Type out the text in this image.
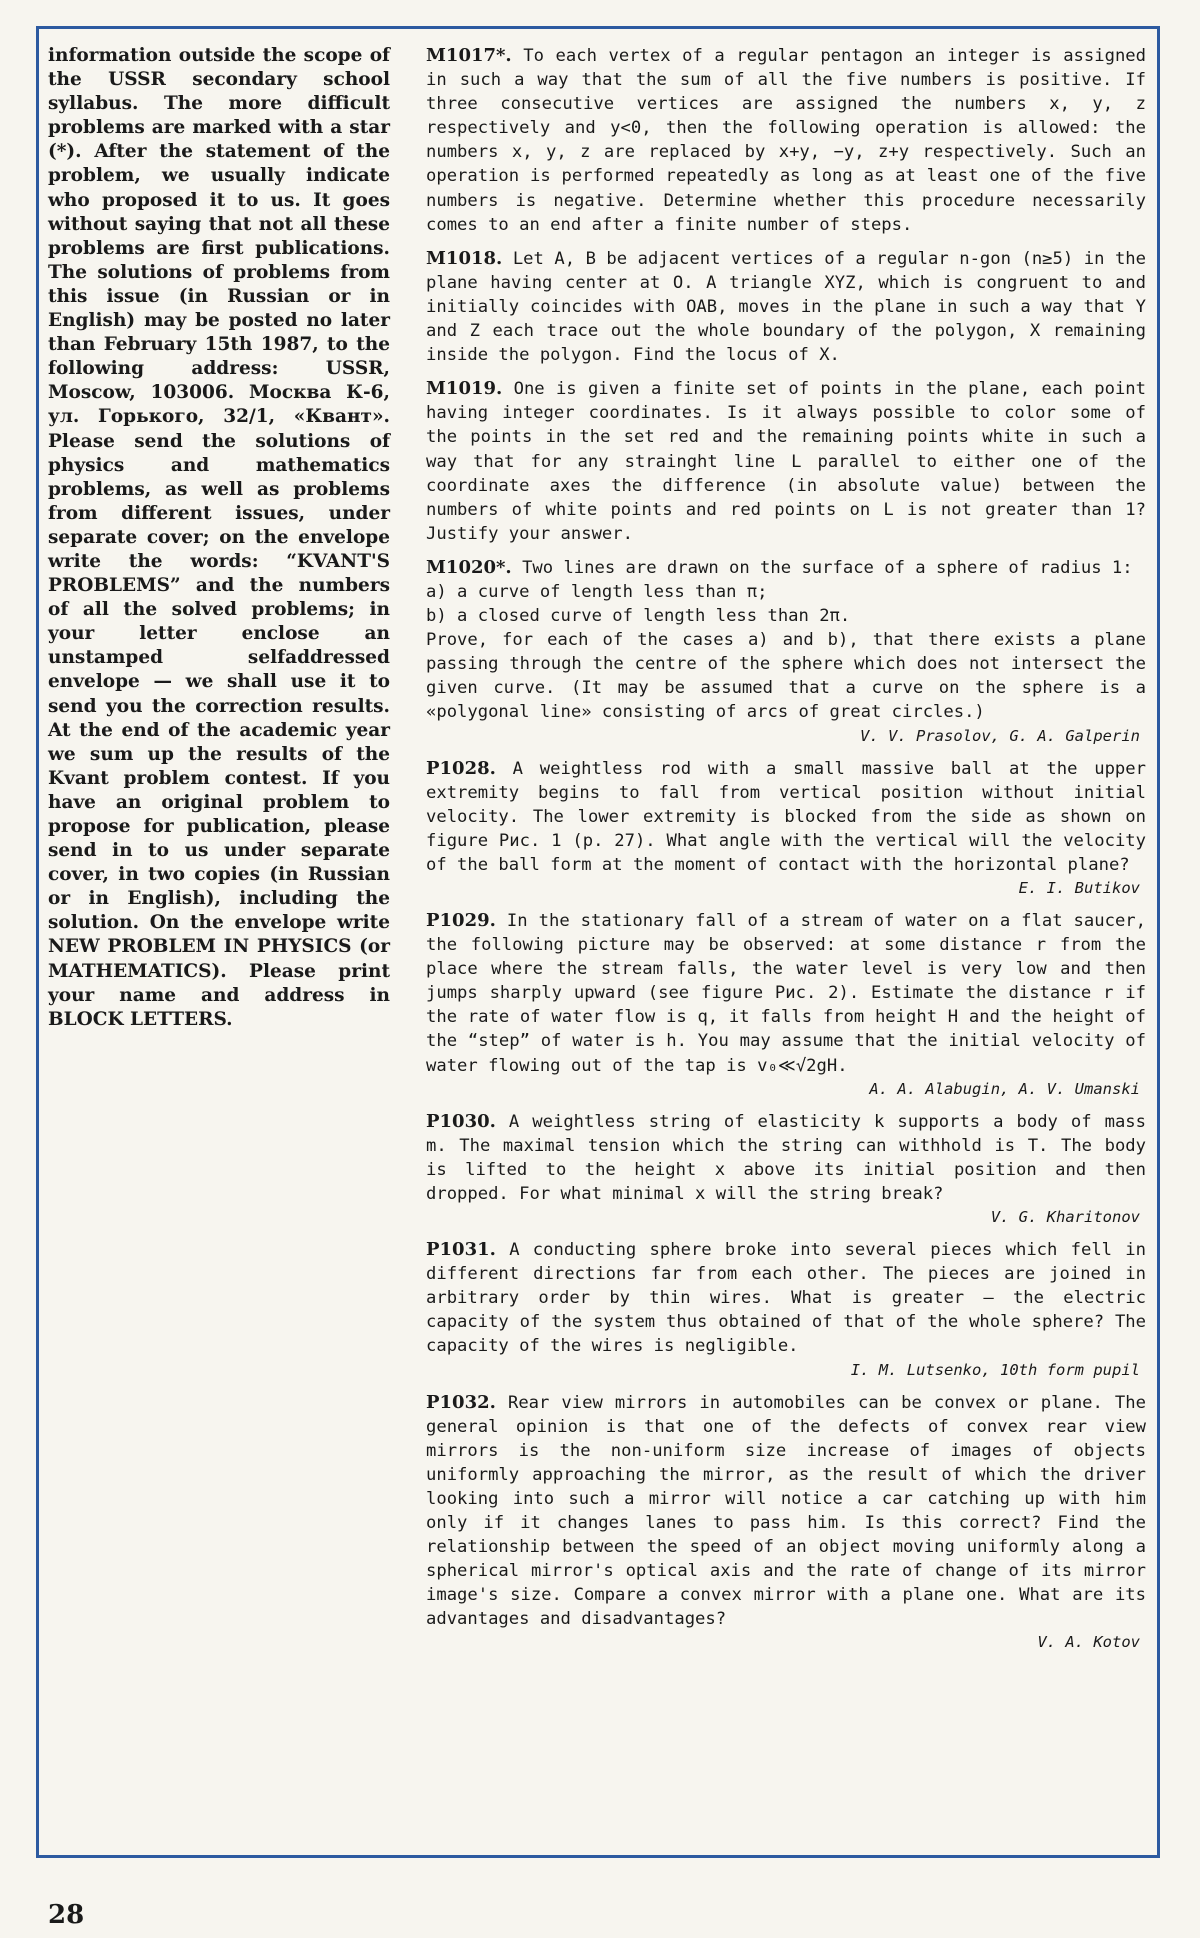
information outside the scope of the USSR secondary school syllabus. The more difficult problems are marked with a star (*). After the statement of the problem, we usually indicate who proposed it to us. It goes without saying that not all these problems are first publications. The solutions of problems from this issue (in Russian or in English) may be posted no later than February 15th 1987, to the following address: USSR, Moscow, 103006. Москва К-6, ул. Горького, 32/1, «Квант». Please send the solutions of physics and mathematics problems, as well as problems from different issues, under separate cover; on the envelope write the words: “KVANT'S PROBLEMS” and the numbers of all the solved problems; in your letter enclose an unstamped selfaddressed envelope — we shall use it to send you the correction results. At the end of the academic year we sum up the results of the Kvant problem contest. If you have an original problem to propose for publication, please send in to us under separate cover, in two copies (in Russian or in English), including the solution. On the envelope write NEW PROBLEM IN PHYSICS (or MATHEMATICS). Please print your name and address in BLOCK LETTERS.
M1017*. To each vertex of a regular pentagon an integer is assigned in such a way that the sum of all the five numbers is positive. If three consecutive vertices are assigned the numbers x, y, z respectively and y<0, then the following operation is allowed: the numbers x, y, z are replaced by x+y, −y, z+y respectively. Such an operation is performed repeatedly as long as at least one of the five numbers is negative. Determine whether this procedure necessarily comes to an end after a finite number of steps.
M1018. Let A, B be adjacent vertices of a regular n-gon (n≥5) in the plane having center at O. A triangle XYZ, which is congruent to and initially coincides with OAB, moves in the plane in such a way that Y and Z each trace out the whole boundary of the polygon, X remaining inside the polygon. Find the locus of X.
M1019. One is given a finite set of points in the plane, each point having integer coordinates. Is it always possible to color some of the points in the set red and the remaining points white in such a way that for any strainght line L parallel to either one of the coordinate axes the difference (in absolute value) between the numbers of white points and red points on L is not greater than 1? Justify your answer.
M1020*. Two lines are drawn on the surface of a sphere of radius 1:
a) a curve of length less than π;
b) a closed curve of length less than 2π.
Prove, for each of the cases a) and b), that there exists a plane passing through the centre of the sphere which does not intersect the given curve. (It may be assumed that a curve on the sphere is a «polygonal line» consisting of arcs of great circles.)
V. V. Prasolov, G. A. Galperin
P1028. A weightless rod with a small massive ball at the upper extremity begins to fall from vertical position without initial velocity. The lower extremity is blocked from the side as shown on figure Рис. 1 (p. 27). What angle with the vertical will the velocity of the ball form at the moment of contact with the horizontal plane?
E. I. Butikov
P1029. In the stationary fall of a stream of water on a flat saucer, the following picture may be observed: at some distance r from the place where the stream falls, the water level is very low and then jumps sharply upward (see figure Рис. 2). Estimate the distance r if the rate of water flow is q, it falls from height H and the height of the “step” of water is h. You may assume that the initial velocity of water flowing out of the tap is v₀≪√2gH.
A. A. Alabugin, A. V. Umanski
P1030. A weightless string of elasticity k supports a body of mass m. The maximal tension which the string can withhold is T. The body is lifted to the height x above its initial position and then dropped. For what minimal x will the string break?
V. G. Kharitonov
P1031. A conducting sphere broke into several pieces which fell in different directions far from each other. The pieces are joined in arbitrary order by thin wires. What is greater — the electric capacity of the system thus obtained of that of the whole sphere? The capacity of the wires is negligible.
I. M. Lutsenko, 10th form pupil
P1032. Rear view mirrors in automobiles can be convex or plane. The general opinion is that one of the defects of convex rear view mirrors is the non-uniform size increase of images of objects uniformly approaching the mirror, as the result of which the driver looking into such a mirror will notice a car catching up with him only if it changes lanes to pass him. Is this correct? Find the relationship between the speed of an object moving uniformly along a spherical mirror's optical axis and the rate of change of its mirror image's size. Compare a convex mirror with a plane one. What are its advantages and disadvantages?
V. A. Kotov
28
